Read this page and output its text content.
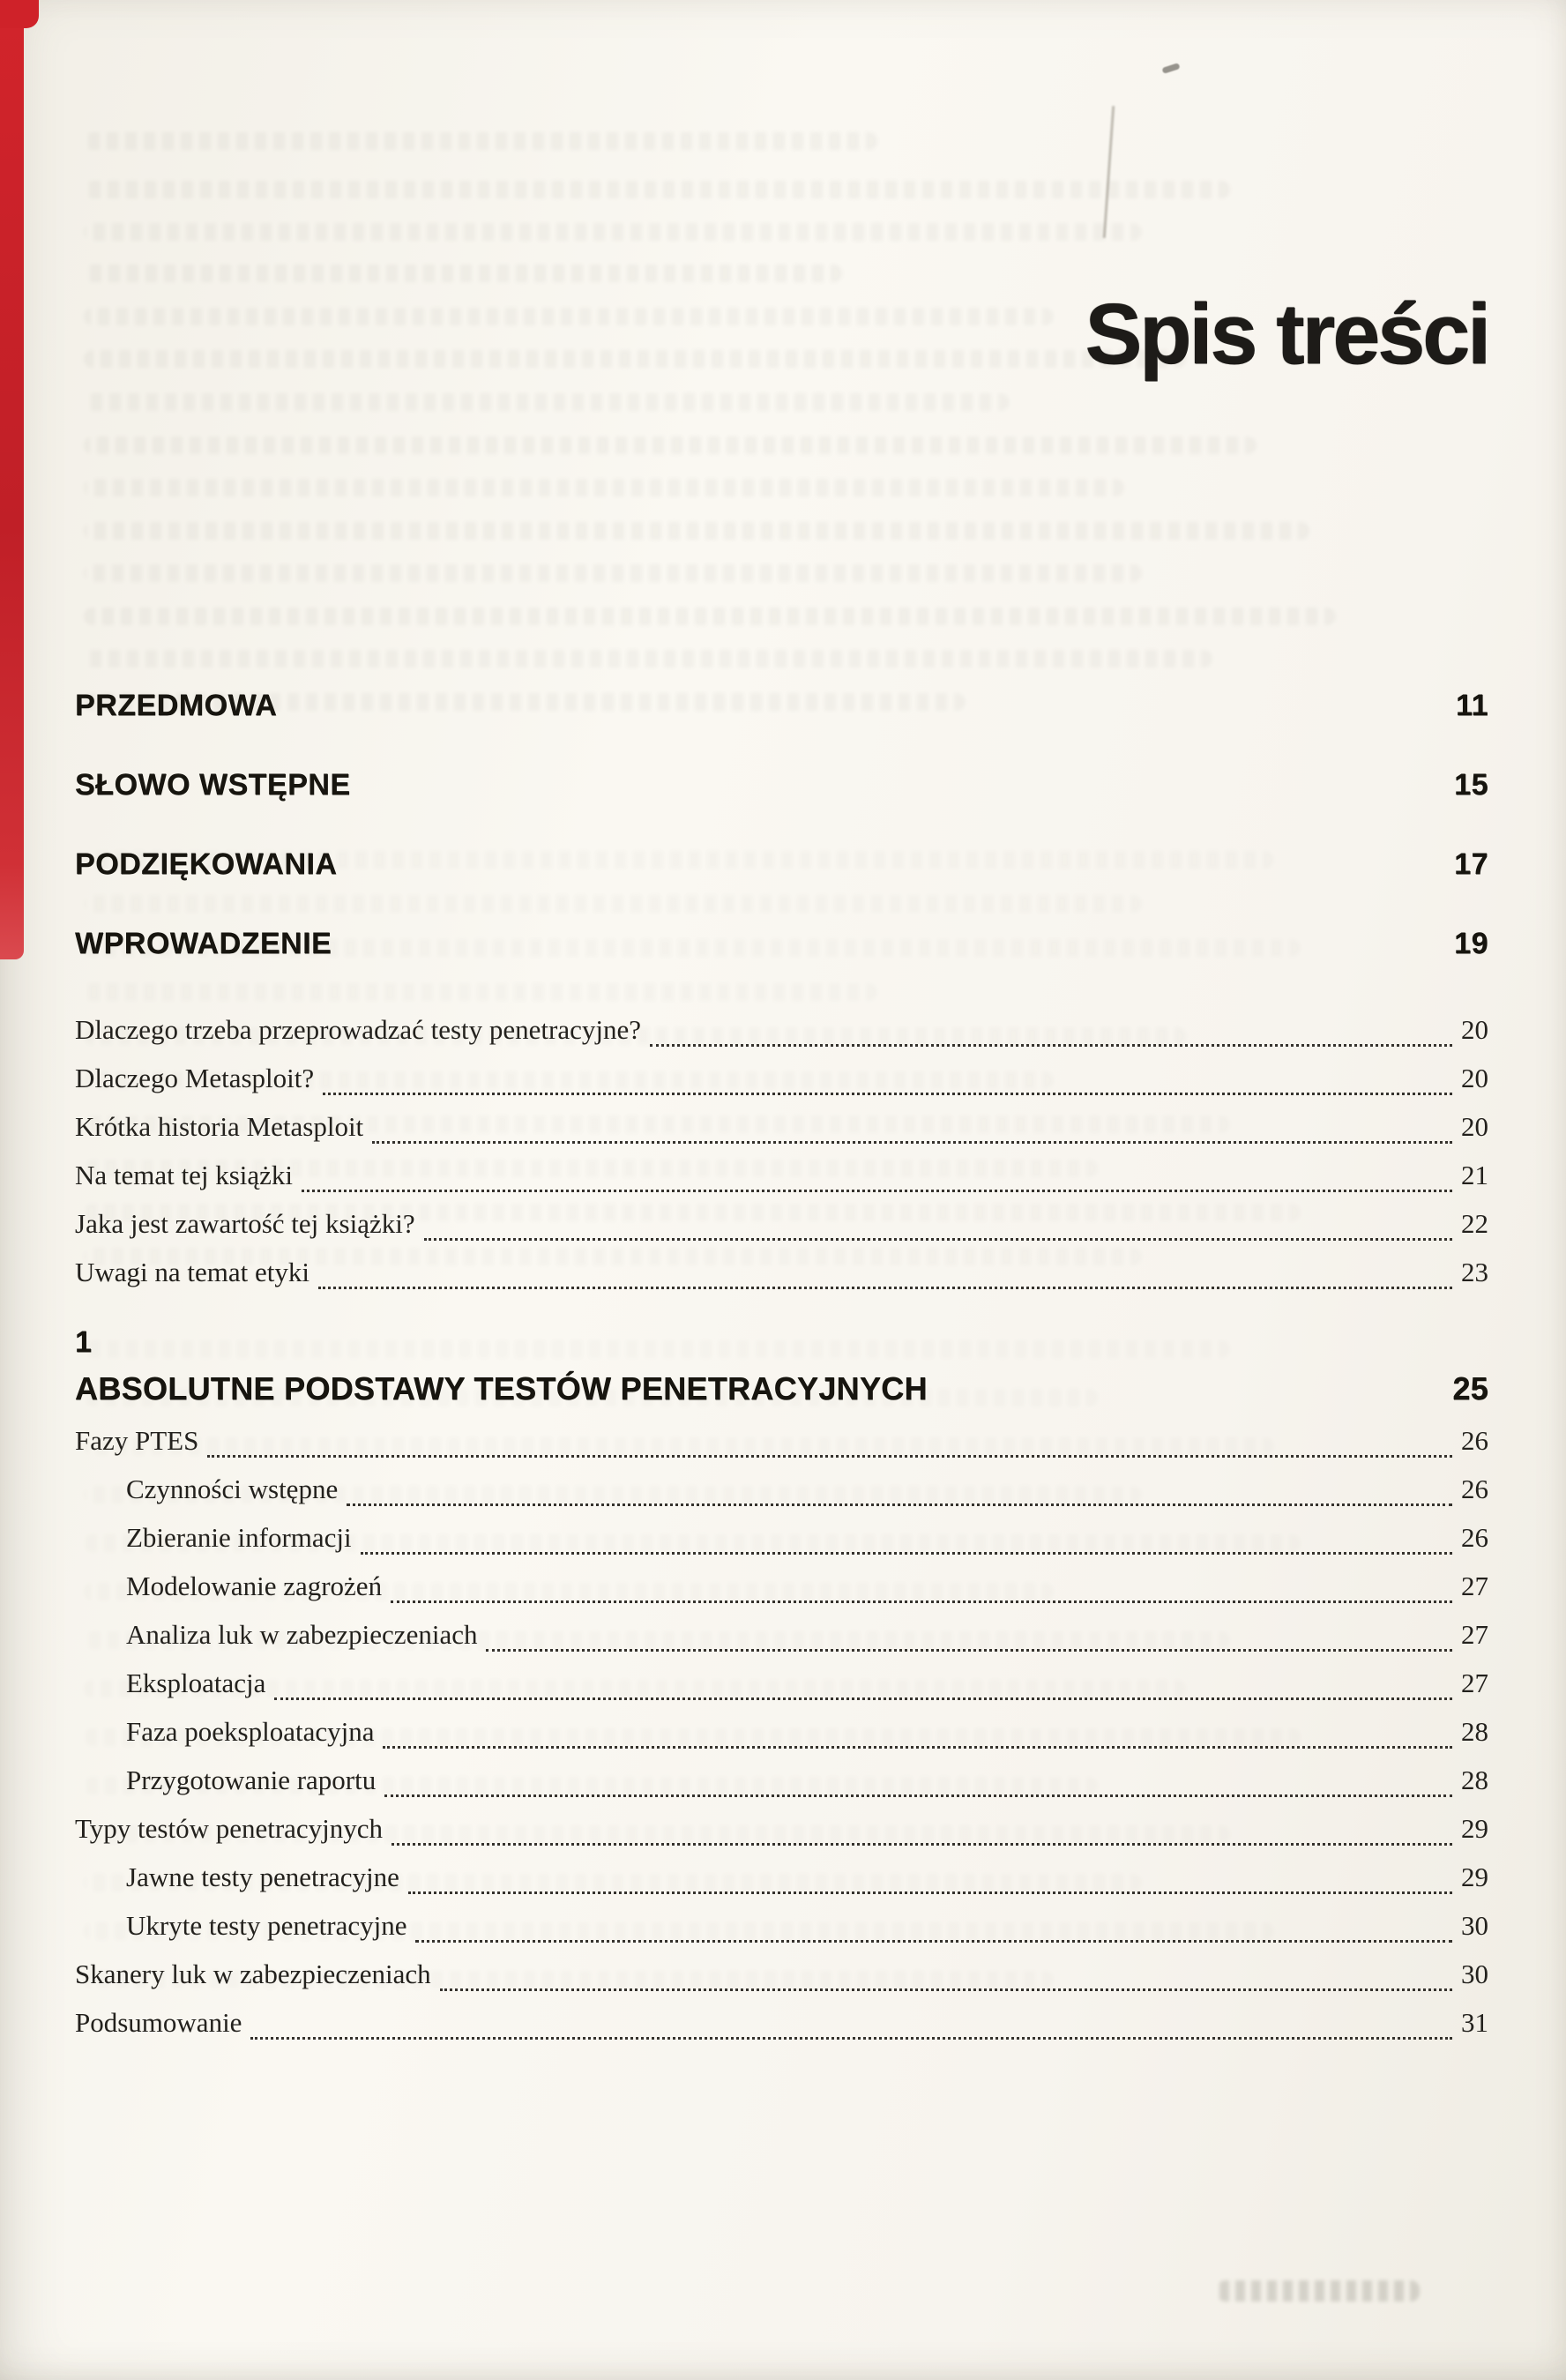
Spis treści
PRZEDMOWA	11
SŁOWO WSTĘPNE	15
PODZIĘKOWANIA	17
WPROWADZENIE	19
Dlaczego trzeba przeprowadzać testy penetracyjne?	20
Dlaczego Metasploit?	20
Krótka historia Metasploit	20
Na temat tej książki	21
Jaka jest zawartość tej książki?	22
Uwagi na temat etyki	23
1
ABSOLUTNE PODSTAWY TESTÓW PENETRACYJNYCH	25
Fazy PTES	26
Czynności wstępne	26
Zbieranie informacji	26
Modelowanie zagrożeń	27
Analiza luk w zabezpieczeniach	27
Eksploatacja	27
Faza poeksploatacyjna	28
Przygotowanie raportu	28
Typy testów penetracyjnych	29
Jawne testy penetracyjne	29
Ukryte testy penetracyjne	30
Skanery luk w zabezpieczeniach	30
Podsumowanie	31
